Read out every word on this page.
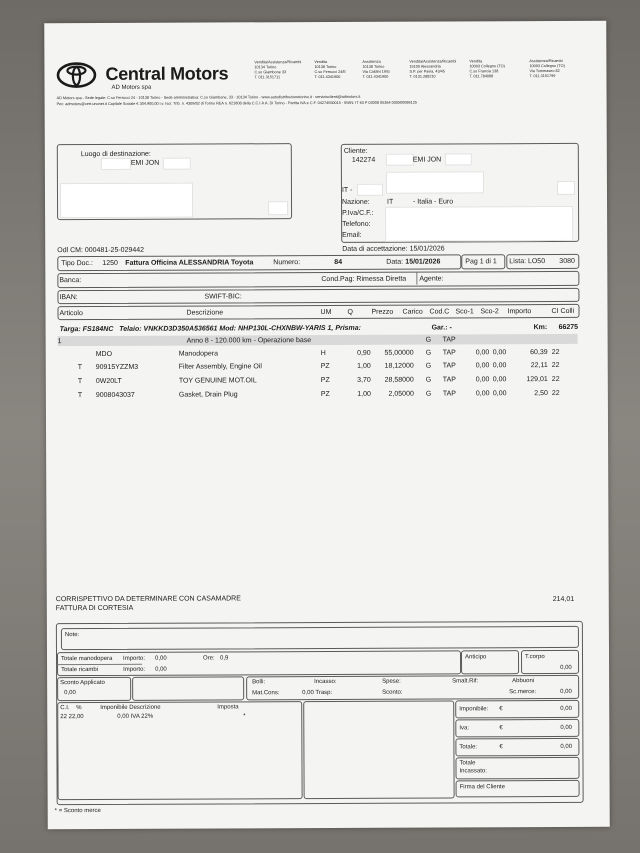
Central Motors
AD Motors spa
Vendita/Assistenza/Ricambi
10134 Torino
C.so Giambone 33
T. 011.3151711
Vendita
10138 Torino
C.so Ferrucci 24/E
T. 011.4341900
Assistenza
10138 Torino
Via Caldini 19/G
T. 011.4341900
Vendita/Assistenza/Ricambi
15100 Alessandria
S.P. per Pavia, 43/45
T. 0131.288210
Vendita
10093 Collegno (TO)
C.so Francia 138
T. 011.784088
Assistenza/Ricambi
10093 Collegno (TO)
Via Tommaseo 82
T. 011.3151799
AD Motors spa - Sede legale: C.so Ferrucci 24 - 10138 Torino - Sede amministrativa: C.so Giambone, 33 - 10134 Torino - www.autodistribuzionetorino.it - servizioclienti@admotors.it
Pec: admotors@cert.unonet.it Capitale Sociale € 304.900,00 i.v. Iscr. Trib. n. 4309/82 di Torino REA n. 621608 della C.C.I.A.A. Di Torino - Partita IVA e C.F. 04274550015 - IBAN: IT 63 P 03008 05364 000500086125
Luogo di destinazione:
EMI JON
Cliente:
142274	EMI JON
IT -
Nazione: IT	- Italia - Euro
P.Iva/C.F.:
Telefono:
Email:
Odl CM: 000481-25-029442	Data di accettazione: 15/01/2026
Tipo Doc.: 1250 Fattura Officina ALESSANDRIA Toyota	Numero:	84	Data: 15/01/2026	Pag 1 di 1 Lista: LO50 3080
Banca:	Cond.Pag: Rimessa Diretta Agente:
IBAN:	SWIFT-BIC:
Articolo	Descrizione	UM Q	Prezzo Carico Cod.C Sco-1 Sco-2 Importo	CI Colli
Targa: FS184NC Telaio: VNKKD3D350A536561 Mod: NHP130L-CHXNBW-YARIS 1, Prisma:	Gar.: -	Km: 66275
1	Anno 8 - 120.000 km - Operazione base	G TAP
MDO	Manodopera	H	0,90	55,00000 G TAP	0,00 0,00	60,39 22
T 90915YZZM3	Filter Assembly, Engine Oil	PZ	1,00	18,12000 G TAP	0,00 0,00	22,11 22
T 0W20LT	TOY GENUINE MOT.OIL	PZ	3,70	28,58000 G TAP	0,00 0,00	129,01 22
T 9008043037	Gasket, Drain Plug	PZ	1,00	2,05000 G TAP	0,00 0,00	2,50 22
CORRISPETTIVO DA DETERMINARE CON CASAMADRE
FATTURA DI CORTESIA
214,01
Note:
Totale manodopera Importo: 0,00	Ore: 0,9
Totale ricambi	Importo: 0,00
Anticipo	T.corpo
0,00
Sconto Applicato
0,00
Bolli:	Incasso:	Spese:	Smalt.Rif:	Abbuoni
Mat.Cons:	0,00 Trasp:	Sconto:	Sc.merce:	0,00
C.I. %	Imponibile Descrizione	Imposta
22 22,00	0,00 IVA 22%	*
Imponibile: €	0,00
Iva:	€	0,00
Totale:	€	0,00
Totale
Incassato:
Firma del Cliente
* = Sconto merce
